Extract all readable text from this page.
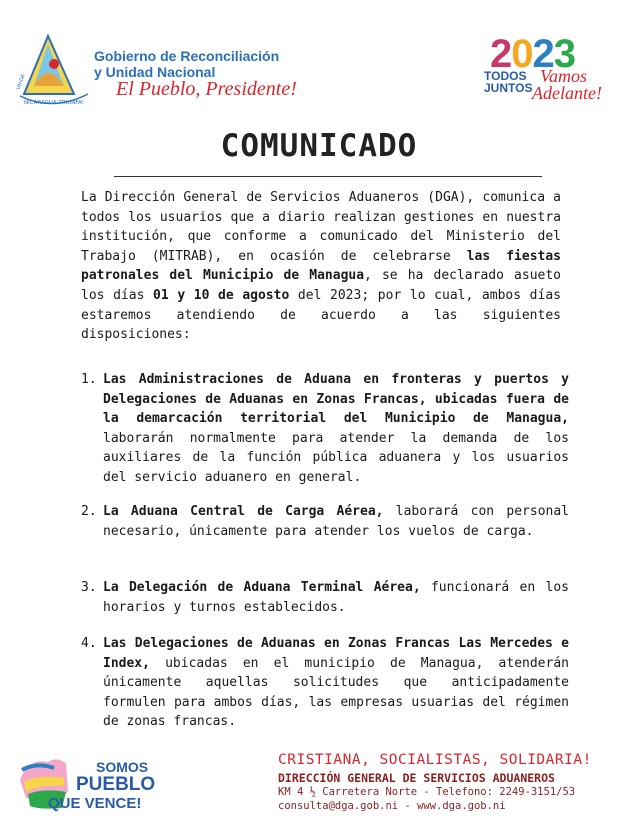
UNIDA
NICARAGUA TRIUNFA!
Gobierno de Reconciliación
y Unidad Nacional
El Pueblo, Presidente!
2023
TODOS
JUNTOS
Vamos
Adelante!
COMUNICADO
La Dirección General de Servicios Aduaneros (DGA), comunica a todos los usuarios que a diario realizan gestiones en nuestra institución, que conforme a comunicado del Ministerio del Trabajo (MITRAB), en ocasión de celebrarse las fiestas patronales del Municipio de Managua, se ha declarado asueto los días 01 y 10 de agosto del 2023; por lo cual, ambos días estaremos atendiendo de acuerdo a las siguientes disposiciones:
1. Las Administraciones de Aduana en fronteras y puertos y Delegaciones de Aduanas en Zonas Francas, ubicadas fuera de la demarcación territorial del Municipio de Managua, laborarán normalmente para atender la demanda de los auxiliares de la función pública aduanera y los usuarios del servicio aduanero en general.
2. La Aduana Central de Carga Aérea, laborará con personal necesario, únicamente para atender los vuelos de carga.
3. La Delegación de Aduana Terminal Aérea, funcionará en los horarios y turnos establecidos.
4. Las Delegaciones de Aduanas en Zonas Francas Las Mercedes e Index, ubicadas en el municipio de Managua, atenderán únicamente aquellas solicitudes que anticipadamente formulen para ambos días, las empresas usuarias del régimen de zonas francas.
SOMOS
PUEBLO
QUE VENCE!
CRISTIANA, SOCIALISTAS, SOLIDARIA!
DIRECCIÓN GENERAL DE SERVICIOS ADUANEROS
KM 4 ½ Carretera Norte - Telefono: 2249-3151/53
consulta@dga.gob.ni - www.dga.gob.ni
